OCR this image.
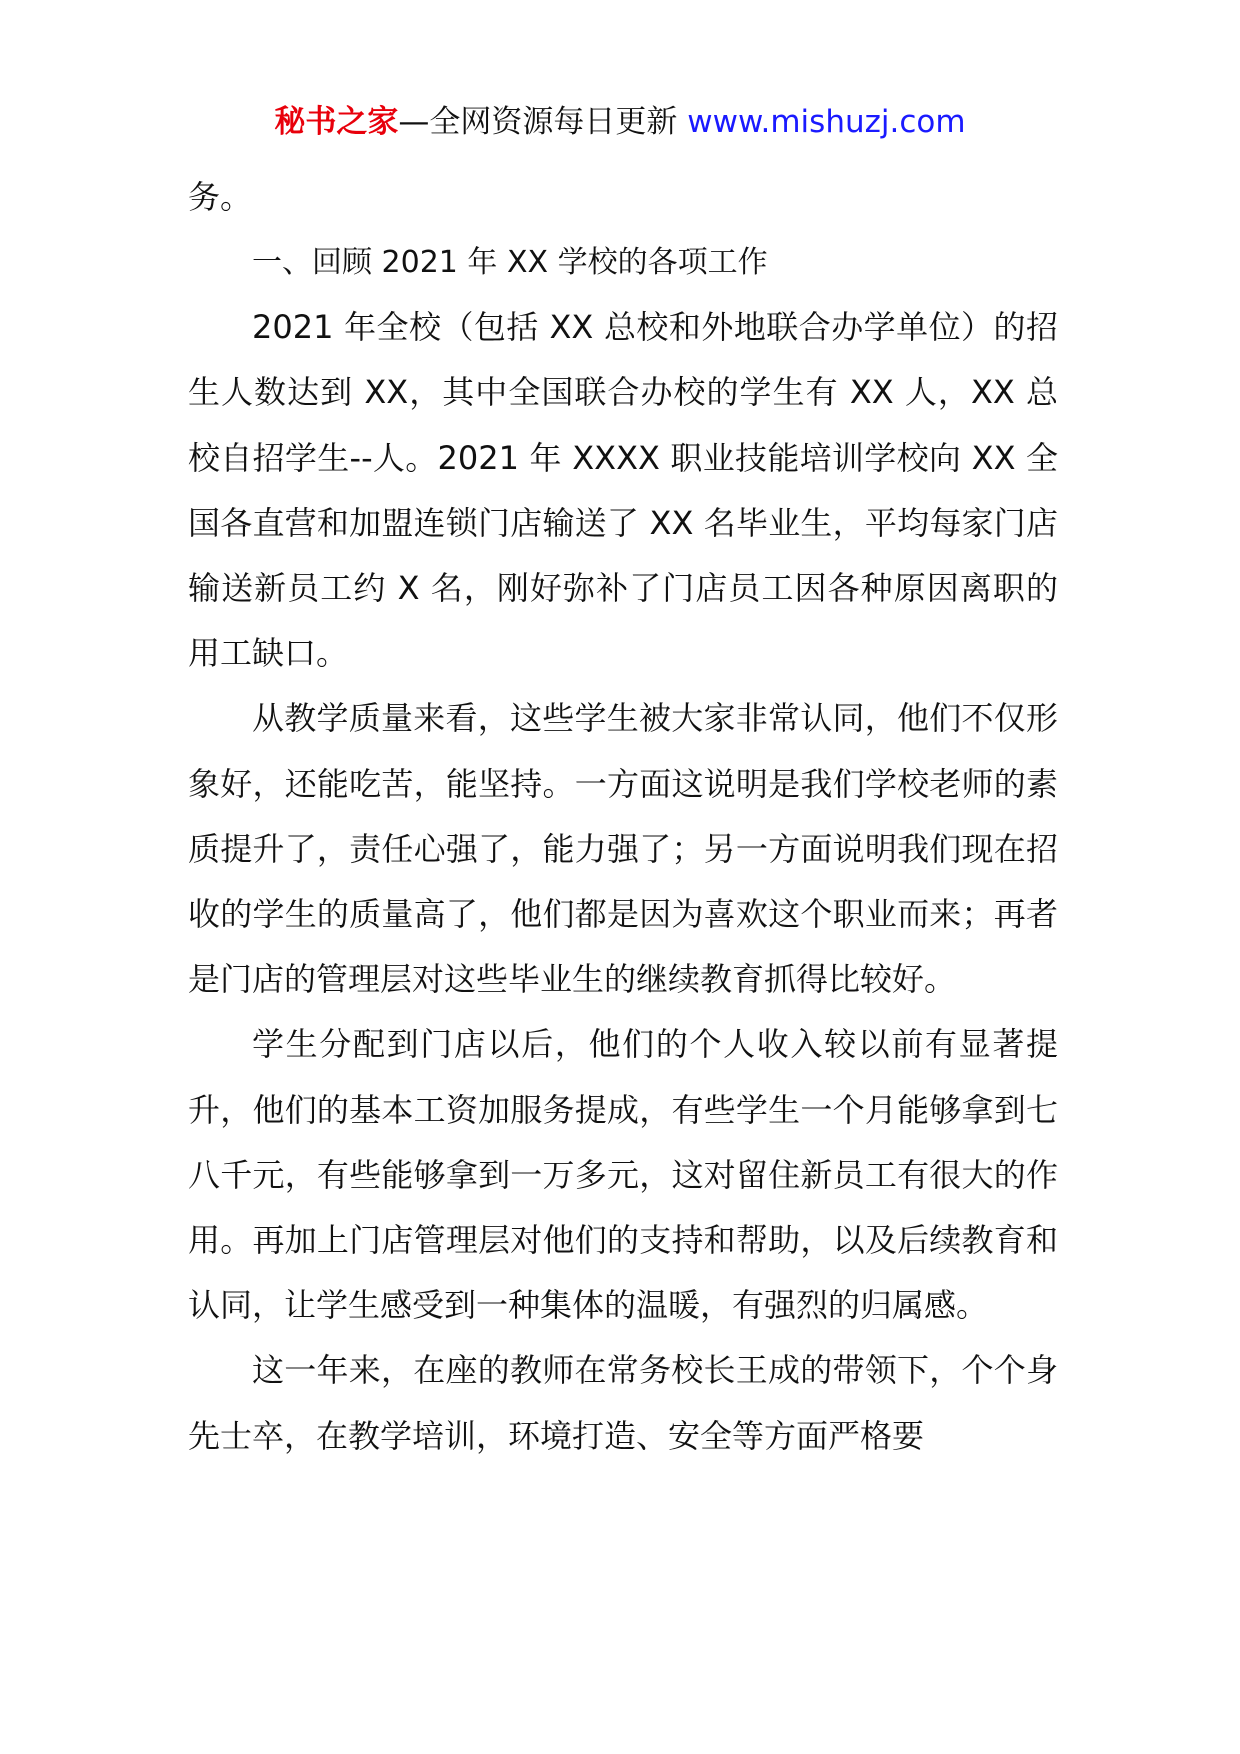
秘书之家—全网资源每日更新 www.mishuzj.com

务。

一、回顾 2021 年 XX 学校的各项工作

2021 年全校（包括 XX 总校和外地联合办学单位）的招生人数达到 XX，其中全国联合办校的学生有 XX 人，XX 总校自招学生--人。2021 年 XXXX 职业技能培训学校向 XX 全国各直营和加盟连锁门店输送了 XX 名毕业生，平均每家门店输送新员工约 X 名，刚好弥补了门店员工因各种原因离职的用工缺口。

从教学质量来看，这些学生被大家非常认同，他们不仅形象好，还能吃苦，能坚持。一方面这说明是我们学校老师的素质提升了，责任心强了，能力强了；另一方面说明我们现在招收的学生的质量高了，他们都是因为喜欢这个职业而来；再者是门店的管理层对这些毕业生的继续教育抓得比较好。

学生分配到门店以后，他们的个人收入较以前有显著提升，他们的基本工资加服务提成，有些学生一个月能够拿到七八千元，有些能够拿到一万多元，这对留住新员工有很大的作用。再加上门店管理层对他们的支持和帮助，以及后续教育和认同，让学生感受到一种集体的温暖，有强烈的归属感。

这一年来，在座的教师在常务校长王成的带领下，个个身先士卒，在教学培训，环境打造、安全等方面严格要
